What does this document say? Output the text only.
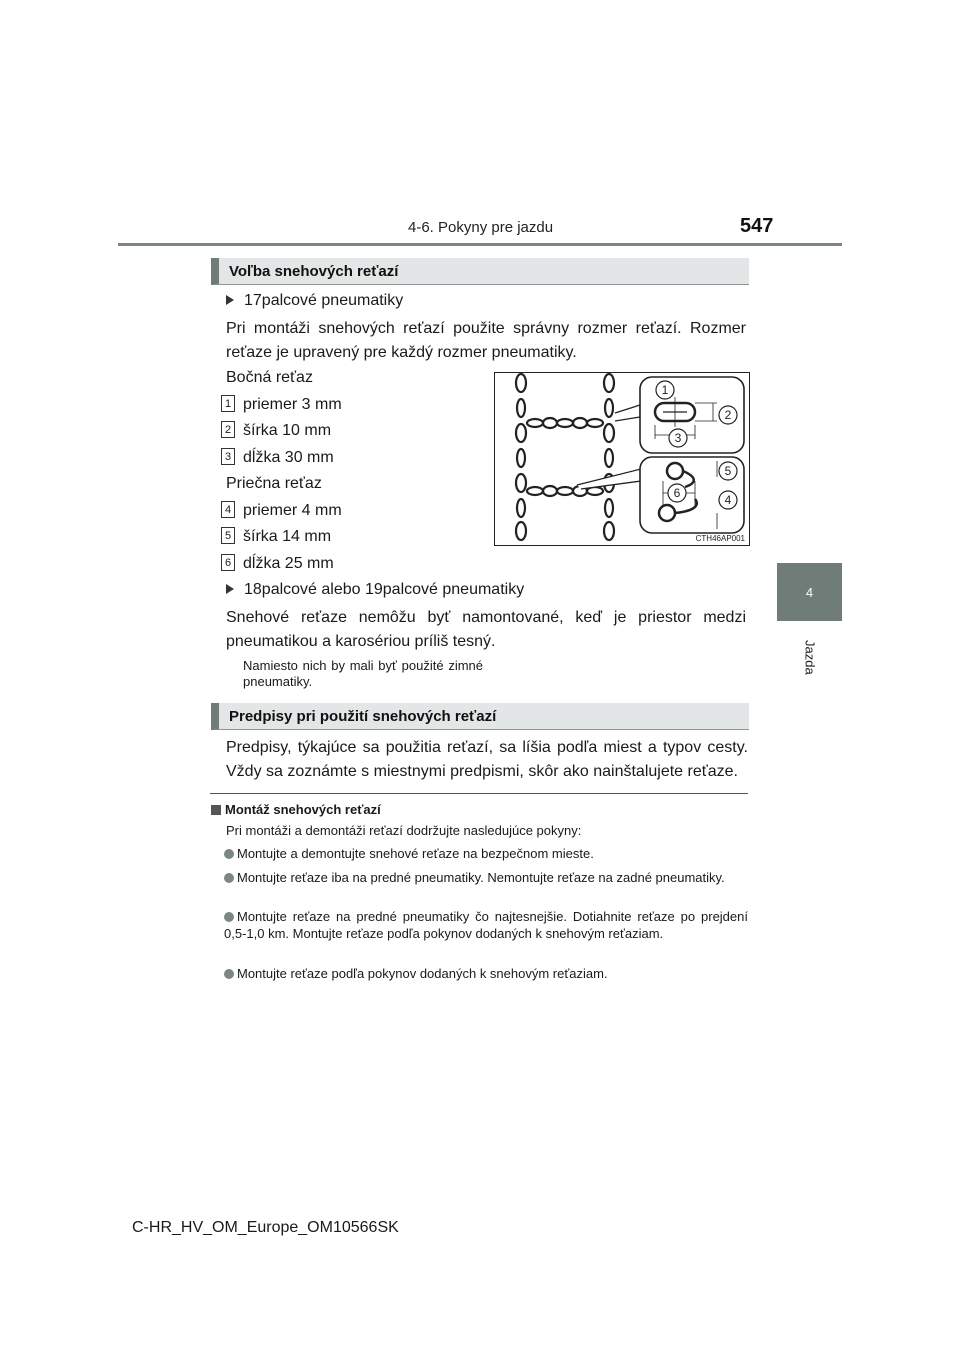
4-6. Pokyny pre jazdu	547
4
Jazda
Voľba snehových reťazí
17palcové pneumatiky
Pri montáži snehových reťazí použite správny rozmer reťazí. Rozmer reťaze je upravený pre každý rozmer pneumatiky.
Bočná reťaz
1 priemer 3 mm
2 šírka 10 mm
3 dĺžka 30 mm
Priečna reťaz
4 priemer 4 mm
5 šírka 14 mm
6 dĺžka 25 mm
1
2
3
5
6	4
CTH46AP001
18palcové alebo 19palcové pneumatiky
Snehové reťaze nemôžu byť namontované, keď je priestor medzi pneumatikou a karosériou príliš tesný.
Namiesto nich by mali byť použité zimné pneumatiky.
Predpisy pri použití snehových reťazí
Predpisy, týkajúce sa použitia reťazí, sa líšia podľa miest a typov cesty. Vždy sa zoznámte s miestnymi predpismi, skôr ako nainštalujete reťaze.
Montáž snehových reťazí
Pri montáži a demontáži reťazí dodržujte nasledujúce pokyny:
Montujte a demontujte snehové reťaze na bezpečnom mieste.
Montujte reťaze iba na predné pneumatiky. Nemontujte reťaze na zadné pneumatiky.
Montujte reťaze na predné pneumatiky čo najtesnejšie. Dotiahnite reťaze po prejdení 0,5-1,0 km. Montujte reťaze podľa pokynov dodaných k snehovým reťaziam.
Montujte reťaze podľa pokynov dodaných k snehovým reťaziam.
C-HR_HV_OM_Europe_OM10566SK
